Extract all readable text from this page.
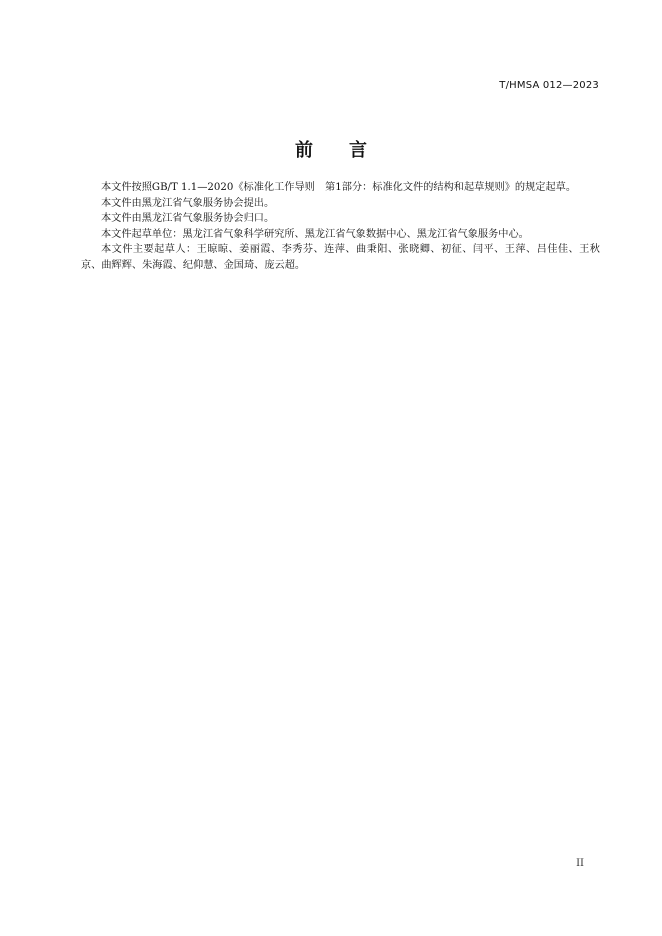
T/HMSA 012—2023
前 言

本文件按照GB/T 1.1—2020《标准化工作导则　第1部分：标准化文件的结构和起草规则》的规定起草。

本文件由黑龙江省气象服务协会提出。

本文件由黑龙江省气象服务协会归口。

本文件起草单位：黑龙江省气象科学研究所、黑龙江省气象数据中心、黑龙江省气象服务中心。

本文件主要起草人：王晾晾、姜丽霞、李秀芬、连萍、曲秉阳、张晓卿、初征、闫平、王萍、吕佳佳、王秋京、曲辉辉、朱海霞、纪仰慧、金国琦、庞云超。

II
